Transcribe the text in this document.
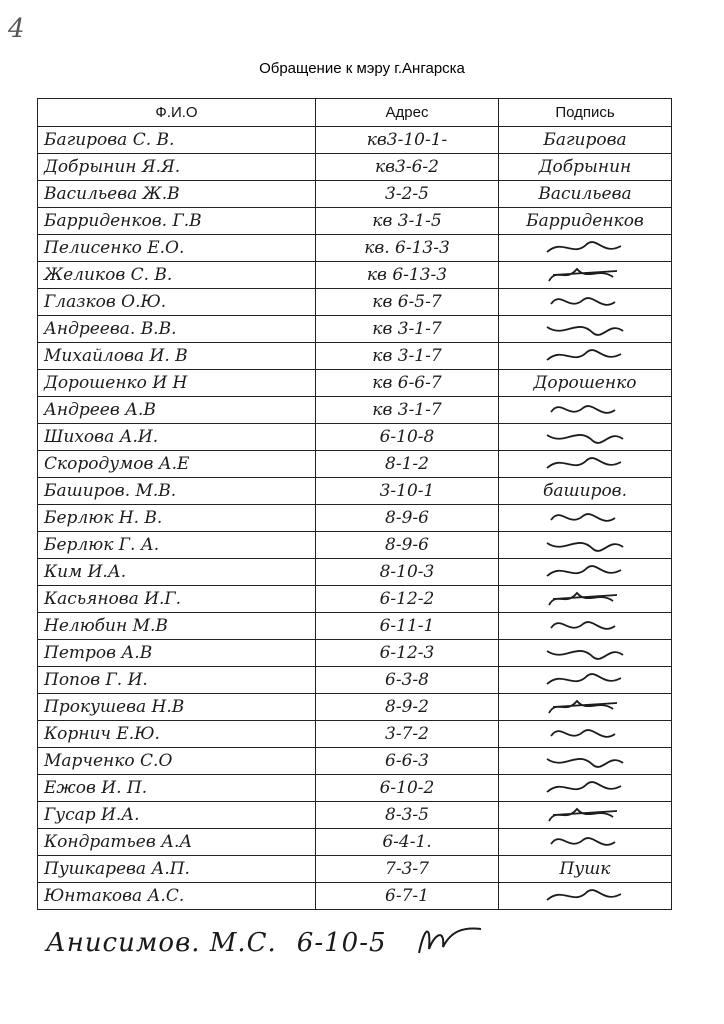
4
Обращение к мэру г.Ангарска
Ф.И.О	Адрес	Подпись
Багирова С. В.	кв3-10-1-	Багирова
Добрынин Я.Я.	кв3-6-2	Добрынин
Васильева Ж.В	3-2-5	Васильева
Барриденков. Г.В	кв 3-1-5	Барриденков
Пелисенко Е.О.	кв. 6-13-3	
Желиков С. В.	кв 6-13-3	
Глазков О.Ю.	кв 6-5-7	
Андреева. В.В.	кв 3-1-7	
Михайлова И. В	кв 3-1-7	
Дорошенко И Н	кв 6-6-7	Дорошенко
Андреев А.В	кв 3-1-7	
Шихова А.И.	6-10-8	
Скородумов А.Е	8-1-2	
Баширов. М.В.	3-10-1	баширов.
Берлюк Н. В.	8-9-6	
Берлюк Г. А.	8-9-6	
Ким И.А.	8-10-3	
Касьянова И.Г.	6-12-2	
Нелюбин М.В	6-11-1	
Петров А.В	6-12-3	
Попов Г. И.	6-3-8	
Прокушева Н.В	8-9-2	
Корнич Е.Ю.	3-7-2	
Марченко С.О	6-6-3	
Ежов И. П.	6-10-2	
Гусар И.А.	8-3-5	
Кондратьев А.А	6-4-1.	
Пушкарева А.П.	7-3-7	Пушк
Юнтакова А.С.	6-7-1	
Анисимов. М.С. 6-10-5
